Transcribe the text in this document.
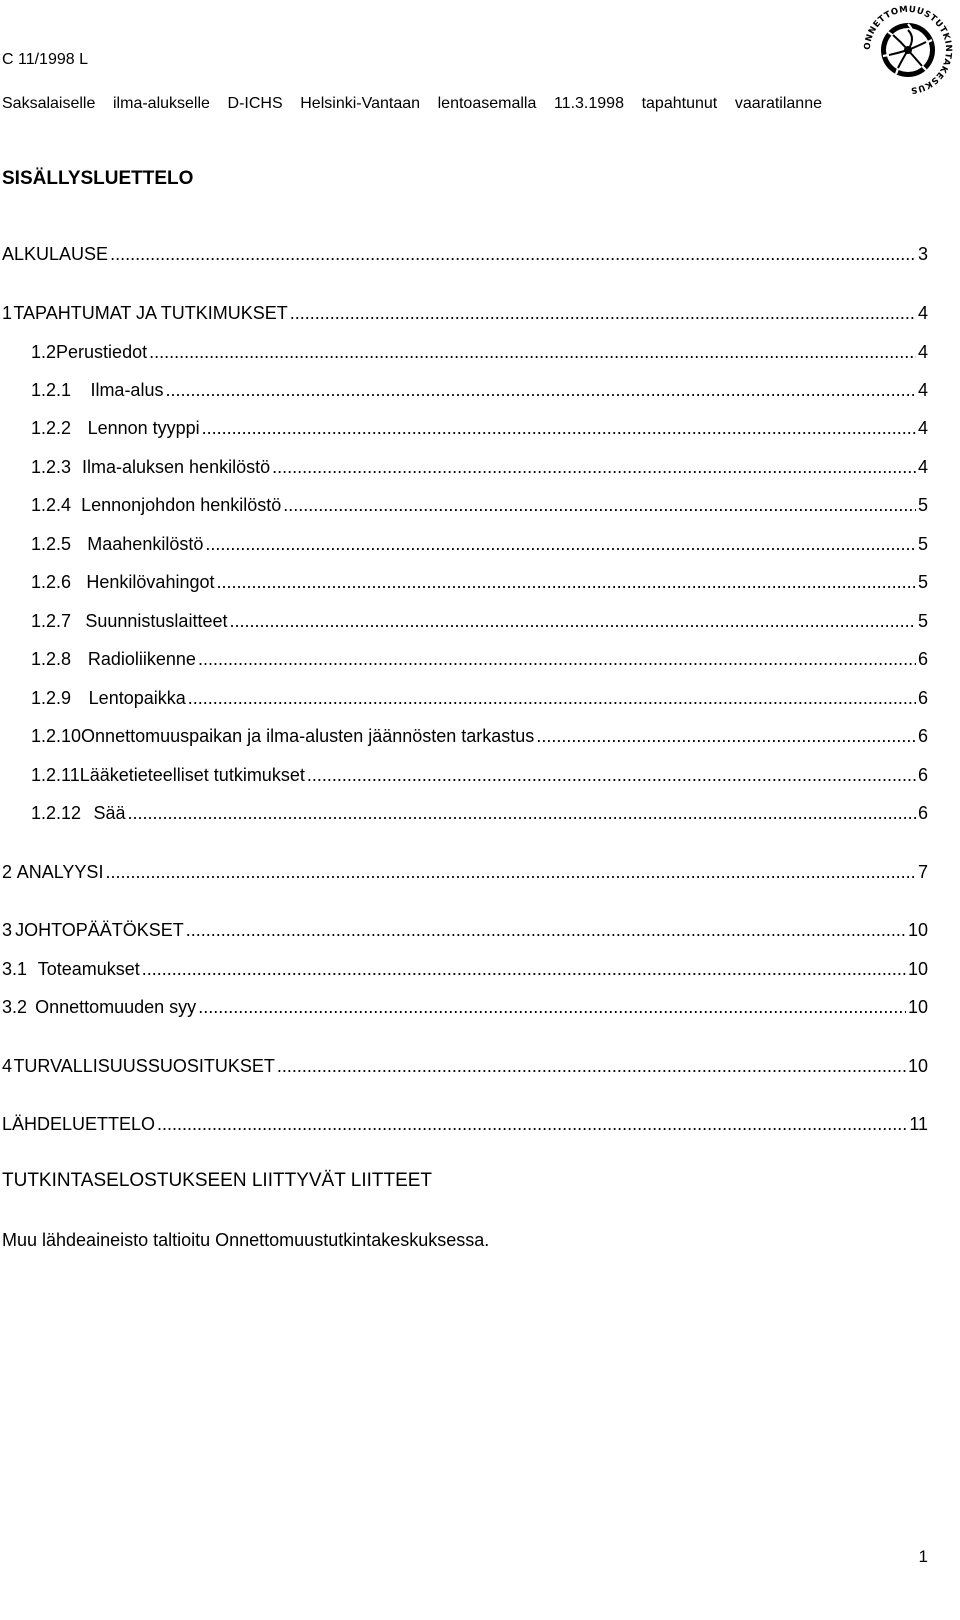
C 11/1998 L
Saksalaiselle ilma-alukselle D-ICHS Helsinki-Vantaan lentoasemalla 11.3.1998 tapahtunut vaaratilanne
ONNETTOMUUSTUTKINTAKESKUS
SISÄLLYSLUETTELO
ALKULAUSE .....	3
1 TAPAHTUMAT JA TUTKIMUKSET .....	4
1.2 Perustiedot .....	4
1.2.1	Ilma-alus .....	4
1.2.2 Lennon tyyppi .....	4
1.2.3 Ilma-aluksen henkilöstö .....	4
1.2.4 Lennonjohdon henkilöstö .....	5
1.2.5 Maahenkilöstö .....	5
1.2.6 Henkilövahingot .....	5
1.2.7 Suunnistuslaitteet .....	5
1.2.8 Radioliikenne .....	6
1.2.9 Lentopaikka .....	6
1.2.10 Onnettomuuspaikan ja ilma-alusten jäännösten tarkastus .....	6
1.2.11 Lääketieteelliset tutkimukset .....	6
1.2.12 Sää .....	6
2 ANALYYSI .....	7
3 JOHTOPÄÄTÖKSET .....	10
3.1 Toteamukset .....	10
3.2 Onnettomuuden syy .....	10
4 TURVALLISUUSSUOSITUKSET .....	10
LÄHDELUETTELO .....	11
TUTKINTASELOSTUKSEEN LIITTYVÄT LIITTEET
Muu lähdeaineisto taltioitu Onnettomuustutkintakeskuksessa.
1
